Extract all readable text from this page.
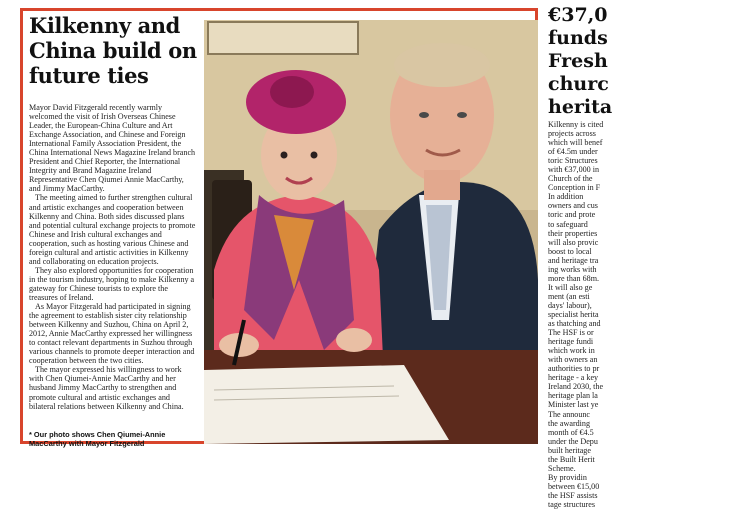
Kilkenny and China build on future ties

Mayor David Fitzgerald recently warmly welcomed the visit of Irish Overseas Chinese Leader, the European-China Culture and Art Exchange Association, and Chinese and Foreign International Family Association President, the China International News Magazine Ireland branch President and Chief Reporter, the International Integrity and Brand Magazine Ireland Representative Chen Qiumei Annie MacCarthy, and Jimmy MacCarthy.

The meeting aimed to further strengthen cultural and artistic exchanges and cooperation between Kilkenny and China. Both sides discussed plans and potential cultural exchange projects to promote Chinese and Irish cultural exchanges and cooperation, such as hosting various Chinese and foreign cultural and artistic activities in Kilkenny and collaborating on education projects.

They also explored opportunities for cooperation in the tourism industry, hoping to make Kilkenny a gateway for Chinese tourists to explore the treasures of Ireland.

As Mayor Fitzgerald had participated in signing the agreement to establish sister city relationship between Kilkenny and Suzhou, China on April 2, 2012, Annie MacCarthy expressed her willingness to contact relevant departments in Suzhou through various channels to promote deeper interaction and cooperation between the two cities.

The mayor expressed his willingness to work with Chen Qiumei-Annie MacCarthy and her husband Jimmy MacCarthy to strengthen and promote cultural and artistic exchanges and bilateral relations between Kilkenny and China.

* Our photo shows Chen Qiumei-Annie MacCarthy with Mayor Fitzgerald
€37,0
funds
Fresh
churc
herita
Kilkenny is cited
projects across
which will benef
of €4.5m under
toric Structures
with €37,000 in
Church of the
Conception in F
In addition
owners and cus
toric and prote
to safeguard
their properties
will also provic
boost to local
and heritage tra
ing works with
more than 68m.
It will also ge
ment (an esti
days' labour),
specialist herita
as thatching and
The HSF is or
heritage fundi
which work in
with owners an
authorities to pr
heritage - a key
Ireland 2030, the
heritage plan la
Minister last ye
The announc
the awarding
month of €4.5
under the Depu
built heritage
the Built Herit
Scheme.
By providin
between €15,00
the HSF assists
tage structures
